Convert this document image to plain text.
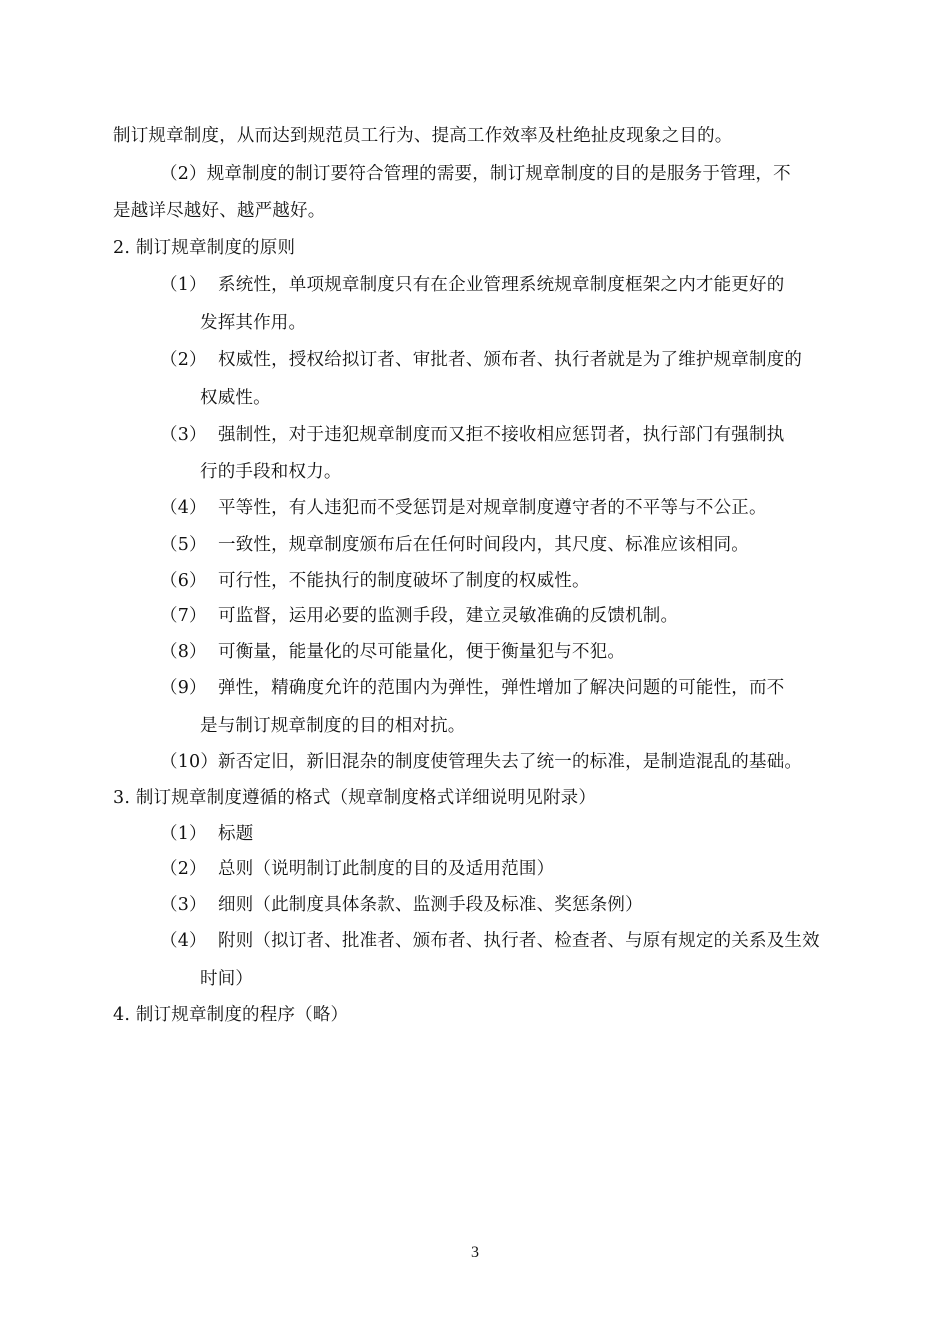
制订规章制度，从而达到规范员工行为、提高工作效率及杜绝扯皮现象之目的。
（2）规章制度的制订要符合管理的需要，制订规章制度的目的是服务于管理，不
是越详尽越好、越严越好。
2. 制订规章制度的原则
（1） 系统性，单项规章制度只有在企业管理系统规章制度框架之内才能更好的
发挥其作用。
（2） 权威性，授权给拟订者、审批者、颁布者、执行者就是为了维护规章制度的
权威性。
（3） 强制性，对于违犯规章制度而又拒不接收相应惩罚者，执行部门有强制执
行的手段和权力。
（4） 平等性，有人违犯而不受惩罚是对规章制度遵守者的不平等与不公正。
（5） 一致性，规章制度颁布后在任何时间段内，其尺度、标准应该相同。
（6） 可行性，不能执行的制度破坏了制度的权威性。
（7） 可监督，运用必要的监测手段，建立灵敏准确的反馈机制。
（8） 可衡量，能量化的尽可能量化，便于衡量犯与不犯。
（9） 弹性，精确度允许的范围内为弹性，弹性增加了解决问题的可能性，而不
是与制订规章制度的目的相对抗。
（10）新否定旧，新旧混杂的制度使管理失去了统一的标准，是制造混乱的基础。
3. 制订规章制度遵循的格式（规章制度格式详细说明见附录）
（1） 标题
（2） 总则（说明制订此制度的目的及适用范围）
（3） 细则（此制度具体条款、监测手段及标准、奖惩条例）
（4） 附则（拟订者、批准者、颁布者、执行者、检查者、与原有规定的关系及生效
时间）
4. 制订规章制度的程序（略）
3
